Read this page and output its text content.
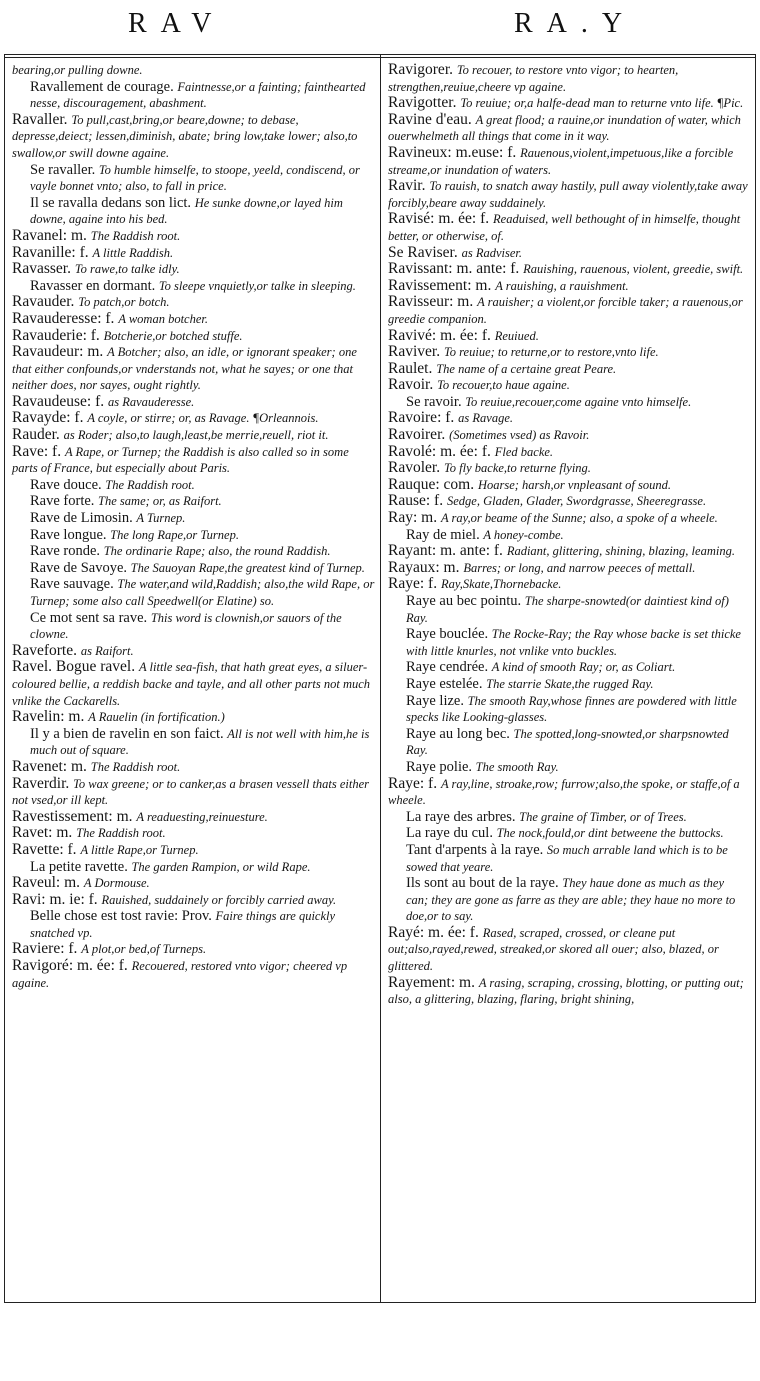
RAV	RA.Y

bearing,or pulling downe.

Ravallement de courage. Faintnesse,or a fainting; fainthearted nesse, discouragement, abashment.

Ravaller. To pull,cast,bring,or beare,downe; to debase, depresse,deiect; lessen,diminish, abate; bring low,take lower; also,to swallow,or swill downe againe.

Se ravaller. To humble himselfe, to stoope, yeeld, condiscend, or vayle bonnet vnto; also, to fall in price.

Il se ravalla dedans son lict. He sunke downe,or layed him downe, againe into his bed.

Ravanel: m. The Raddish root.

Ravanille: f. A little Raddish.

Ravasser. To rawe,to talke idly.

Ravasser en dormant. To sleepe vnquietly,or talke in sleeping.

Ravauder. To patch,or botch.

Ravauderesse: f. A woman botcher.

Ravauderie: f. Botcherie,or botched stuffe.

Ravaudeur: m. A Botcher; also, an idle, or ignorant speaker; one that either confounds,or vnderstands not, what he sayes; or one that neither does, nor sayes, ought rightly.

Ravaudeuse: f. as Ravauderesse.

Ravayde: f. A coyle, or stirre; or, as Ravage. ¶Orleannois.

Rauder. as Roder; also,to laugh,least,be merrie,reuell, riot it.

Rave: f. A Rape, or Turnep; the Raddish is also called so in some parts of France, but especially about Paris.

Rave douce. The Raddish root.

Rave forte. The same; or, as Raifort.

Rave de Limosin. A Turnep.

Rave longue. The long Rape,or Turnep.

Rave ronde. The ordinarie Rape; also, the round Raddish.

Rave de Savoye. The Sauoyan Rape,the greatest kind of Turnep.

Rave sauvage. The water,and wild,Raddish; also,the wild Rape, or Turnep; some also call Speedwell(or Elatine) so.

Ce mot sent sa rave. This word is clownish,or sauors of the clowne.

Raveforte. as Raifort.

Ravel. Bogue ravel. A little sea-fish, that hath great eyes, a siluer-coloured bellie, a reddish backe and tayle, and all other parts not much vnlike the Cackarells.

Ravelin: m. A Rauelin (in fortification.)

Il y a bien de ravelin en son faict. All is not well with him,he is much out of square.

Ravenet: m. The Raddish root.

Raverdir. To wax greene; or to canker,as a brasen vessell thats either not vsed,or ill kept.

Ravestissement: m. A readuesting,reinuesture.

Ravet: m. The Raddish root.

Ravette: f. A little Rape,or Turnep.

La petite ravette. The garden Rampion, or wild Rape.

Raveul: m. A Dormouse.

Ravi: m. ie: f. Rauished, suddainely or forcibly carried away.

Belle chose est tost ravie: Prov. Faire things are quickly snatched vp.

Raviere: f. A plot,or bed,of Turneps.

Ravigoré: m. ée: f. Recouered, restored vnto vigor; cheered vp againe.

Ravigorer. To recouer, to restore vnto vigor; to hearten, strengthen,reuiue,cheere vp againe.

Ravigotter. To reuiue; or,a halfe-dead man to returne vnto life. ¶Pic.

Ravine d'eau. A great flood; a rauine,or inundation of water, which ouerwhelmeth all things that come in it way.

Ravineux: m.euse: f. Rauenous,violent,impetuous,like a forcible streame,or inundation of waters.

Ravir. To rauish, to snatch away hastily, pull away violently,take away forcibly,beare away suddainely.

Ravisé: m. ée: f. Readuised, well bethought of in himselfe, thought better, or otherwise, of.

Se Raviser. as Radviser.

Ravissant: m. ante: f. Rauishing, rauenous, violent, greedie, swift.

Ravissement: m. A rauishing, a rauishment.

Ravisseur: m. A rauisher; a violent,or forcible taker; a rauenous,or greedie companion.

Ravivé: m. ée: f. Reuiued.

Raviver. To reuiue; to returne,or to restore,vnto life.

Raulet. The name of a certaine great Peare.

Ravoir. To recouer,to haue againe.

Se ravoir. To reuiue,recouer,come againe vnto himselfe.

Ravoire: f. as Ravage.

Ravoirer. (Sometimes vsed) as Ravoir.

Ravolé: m. ée: f. Fled backe.

Ravoler. To fly backe,to returne flying.

Rauque: com. Hoarse; harsh,or vnpleasant of sound.

Rause: f. Sedge, Gladen, Glader, Swordgrasse, Sheeregrasse.

Ray: m. A ray,or beame of the Sunne; also, a spoke of a wheele.

Ray de miel. A honey-combe.

Rayant: m. ante: f. Radiant, glittering, shining, blazing, leaming.

Rayaux: m. Barres; or long, and narrow peeces of mettall.

Raye: f. Ray,Skate,Thornebacke.

Raye au bec pointu. The sharpe-snowted(or daintiest kind of) Ray.

Raye bouclée. The Rocke-Ray; the Ray whose backe is set thicke with little knurles, not vnlike vnto buckles.

Raye cendrée. A kind of smooth Ray; or, as Coliart.

Raye estelée. The starrie Skate,the rugged Ray.

Raye lize. The smooth Ray,whose finnes are powdered with little specks like Looking-glasses.

Raye au long bec. The spotted,long-snowted,or sharpsnowted Ray.

Raye polie. The smooth Ray.

Raye: f. A ray,line, stroake,row; furrow;also,the spoke, or staffe,of a wheele.

La raye des arbres. The graine of Timber, or of Trees.

La raye du cul. The nock,fould,or dint betweene the buttocks.

Tant d'arpents à la raye. So much arrable land which is to be sowed that yeare.

Ils sont au bout de la raye. They haue done as much as they can; they are gone as farre as they are able; they haue no more to doe,or to say.

Rayé: m. ée: f. Rased, scraped, crossed, or cleane put out;also,rayed,rewed, streaked,or skored all ouer; also, blazed, or glittered.

Rayement: m. A rasing, scraping, crossing, blotting, or putting out; also, a glittering, blazing, flaring, bright shining,
